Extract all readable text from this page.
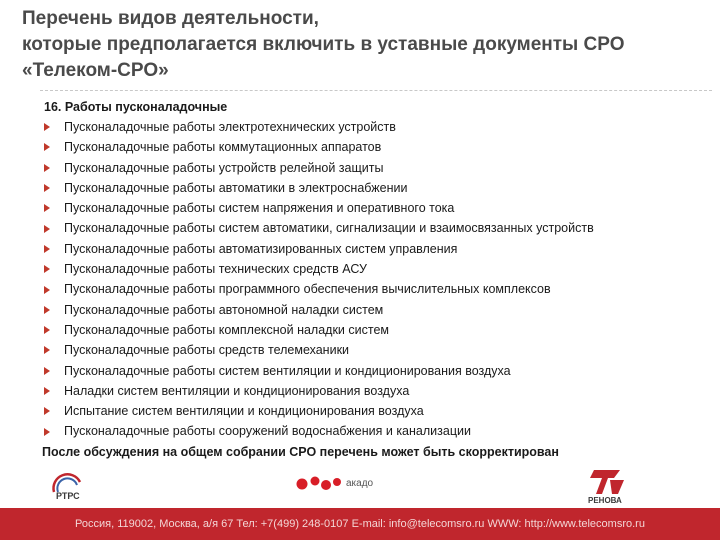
Перечень видов деятельности,
которые предполагается включить в уставные документы СРО
«Телеком-СРО»
16. Работы пусконаладочные
Пусконаладочные работы электротехнических устройств
Пусконаладочные работы коммутационных аппаратов
Пусконаладочные работы устройств релейной защиты
Пусконаладочные работы автоматики в электроснабжении
Пусконаладочные работы систем напряжения и оперативного тока
Пусконаладочные работы систем автоматики, сигнализации и взаимосвязанных устройств
Пусконаладочные работы автоматизированных систем управления
Пусконаладочные работы технических средств АСУ
Пусконаладочные работы программного обеспечения вычислительных комплексов
Пусконаладочные работы автономной наладки систем
Пусконаладочные работы комплексной наладки систем
Пусконаладочные работы средств телемеханики
Пусконаладочные работы систем вентиляции и кондиционирования воздуха
Наладки систем вентиляции и кондиционирования воздуха
Испытание систем вентиляции и кондиционирования воздуха
Пусконаладочные работы сооружений водоснабжения и канализации
После обсуждения на общем собрании СРО перечень может быть скорректирован
РТРС
акадо
РЕНОВА
Россия, 119002, Москва, а/я 67 Тел: +7(499) 248-0107 E-mail: info@telecomsro.ru WWW: http://www.telecomsro.ru
